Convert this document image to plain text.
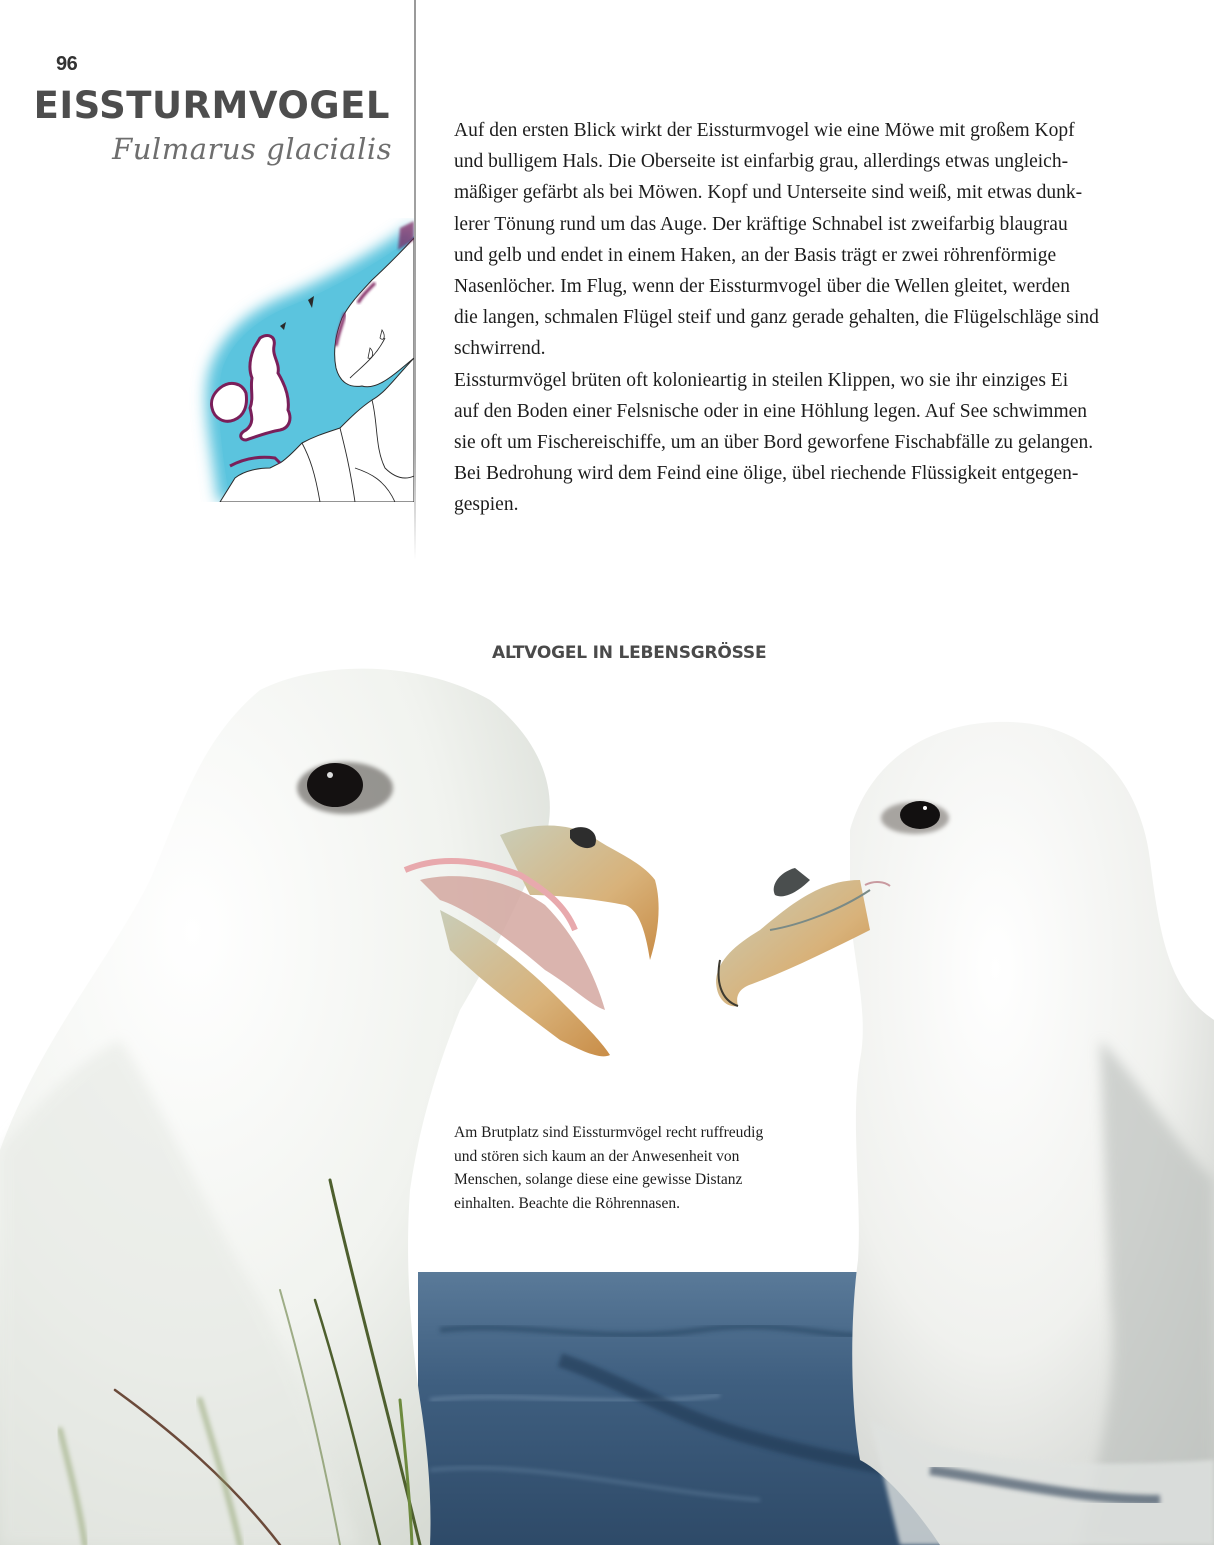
96
EISSTURMVOGEL
Fulmarus glacialis
Auf den ersten Blick wirkt der Eissturmvogel wie eine Möwe mit großem Kopf
und bulligem Hals. Die Oberseite ist einfarbig grau, allerdings etwas ungleich-
mäßiger gefärbt als bei Möwen. Kopf und Unterseite sind weiß, mit etwas dunk-
lerer Tönung rund um das Auge. Der kräftige Schnabel ist zweifarbig blaugrau
und gelb und endet in einem Haken, an der Basis trägt er zwei röhrenförmige
Nasenlöcher. Im Flug, wenn der Eissturmvogel über die Wellen gleitet, werden
die langen, schmalen Flügel steif und ganz gerade gehalten, die Flügelschläge sind
schwirrend.
Eissturmvögel brüten oft kolonieartig in steilen Klippen, wo sie ihr einziges Ei
auf den Boden einer Felsnische oder in eine Höhlung legen. Auf See schwimmen
sie oft um Fischereischiffe, um an über Bord geworfene Fischabfälle zu gelangen.
Bei Bedrohung wird dem Feind eine ölige, übel riechende Flüssigkeit entgegen-
gespien.
ALTVOGEL IN LEBENSGRÖSSE
Am Brutplatz sind Eissturmvögel recht ruffreudig
und stören sich kaum an der Anwesenheit von
Menschen, solange diese eine gewisse Distanz
einhalten. Beachte die Röhrennasen.
